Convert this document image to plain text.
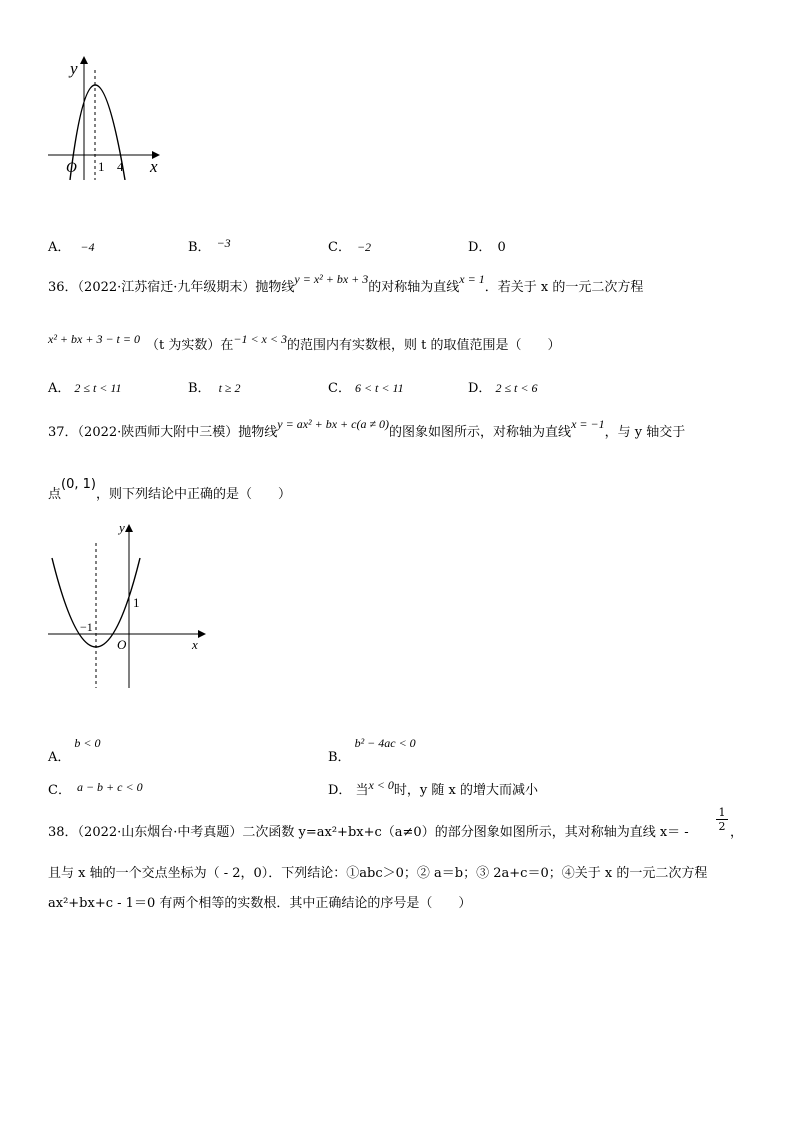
y
x
O 1 4
A． −4	B． −3	C． −2	D． 0
36．（2022·江苏宿迁·九年级期末）抛物线y = x² + bx + 3的对称轴为直线x = 1．若关于 x 的一元二次方程
x² + bx + 3 − t = 0 （t 为实数）在−1 < x < 3的范围内有实数根，则 t 的取值范围是（　　）
A． 2 ≤ t < 11	B． t ≥ 2	C． 6 < t < 11	D． 2 ≤ t < 6
37．（2022·陕西师大附中三模）抛物线y = ax² + bx + c(a ≠ 0)的图象如图所示，对称轴为直线x = −1，与 y 轴交于
点(0, 1)，则下列结论中正确的是（　　）
y
x
O
1
−1
A．b < 0
B．b² − 4ac < 0
C． a − b + c < 0	D． 当x < 0时，y 随 x 的增大而减小
38．（2022·山东烟台·中考真题）二次函数 y=ax²+bx+c（a≠0）的部分图象如图所示，其对称轴为直线 x＝ -
1
2 ，
且与 x 轴的一个交点坐标为（ - 2，0）．下列结论：①abc＞0；② a＝b；③ 2a+c＝0；④关于 x 的一元二次方程
ax²+bx+c - 1＝0 有两个相等的实数根．其中正确结论的序号是（　　）
